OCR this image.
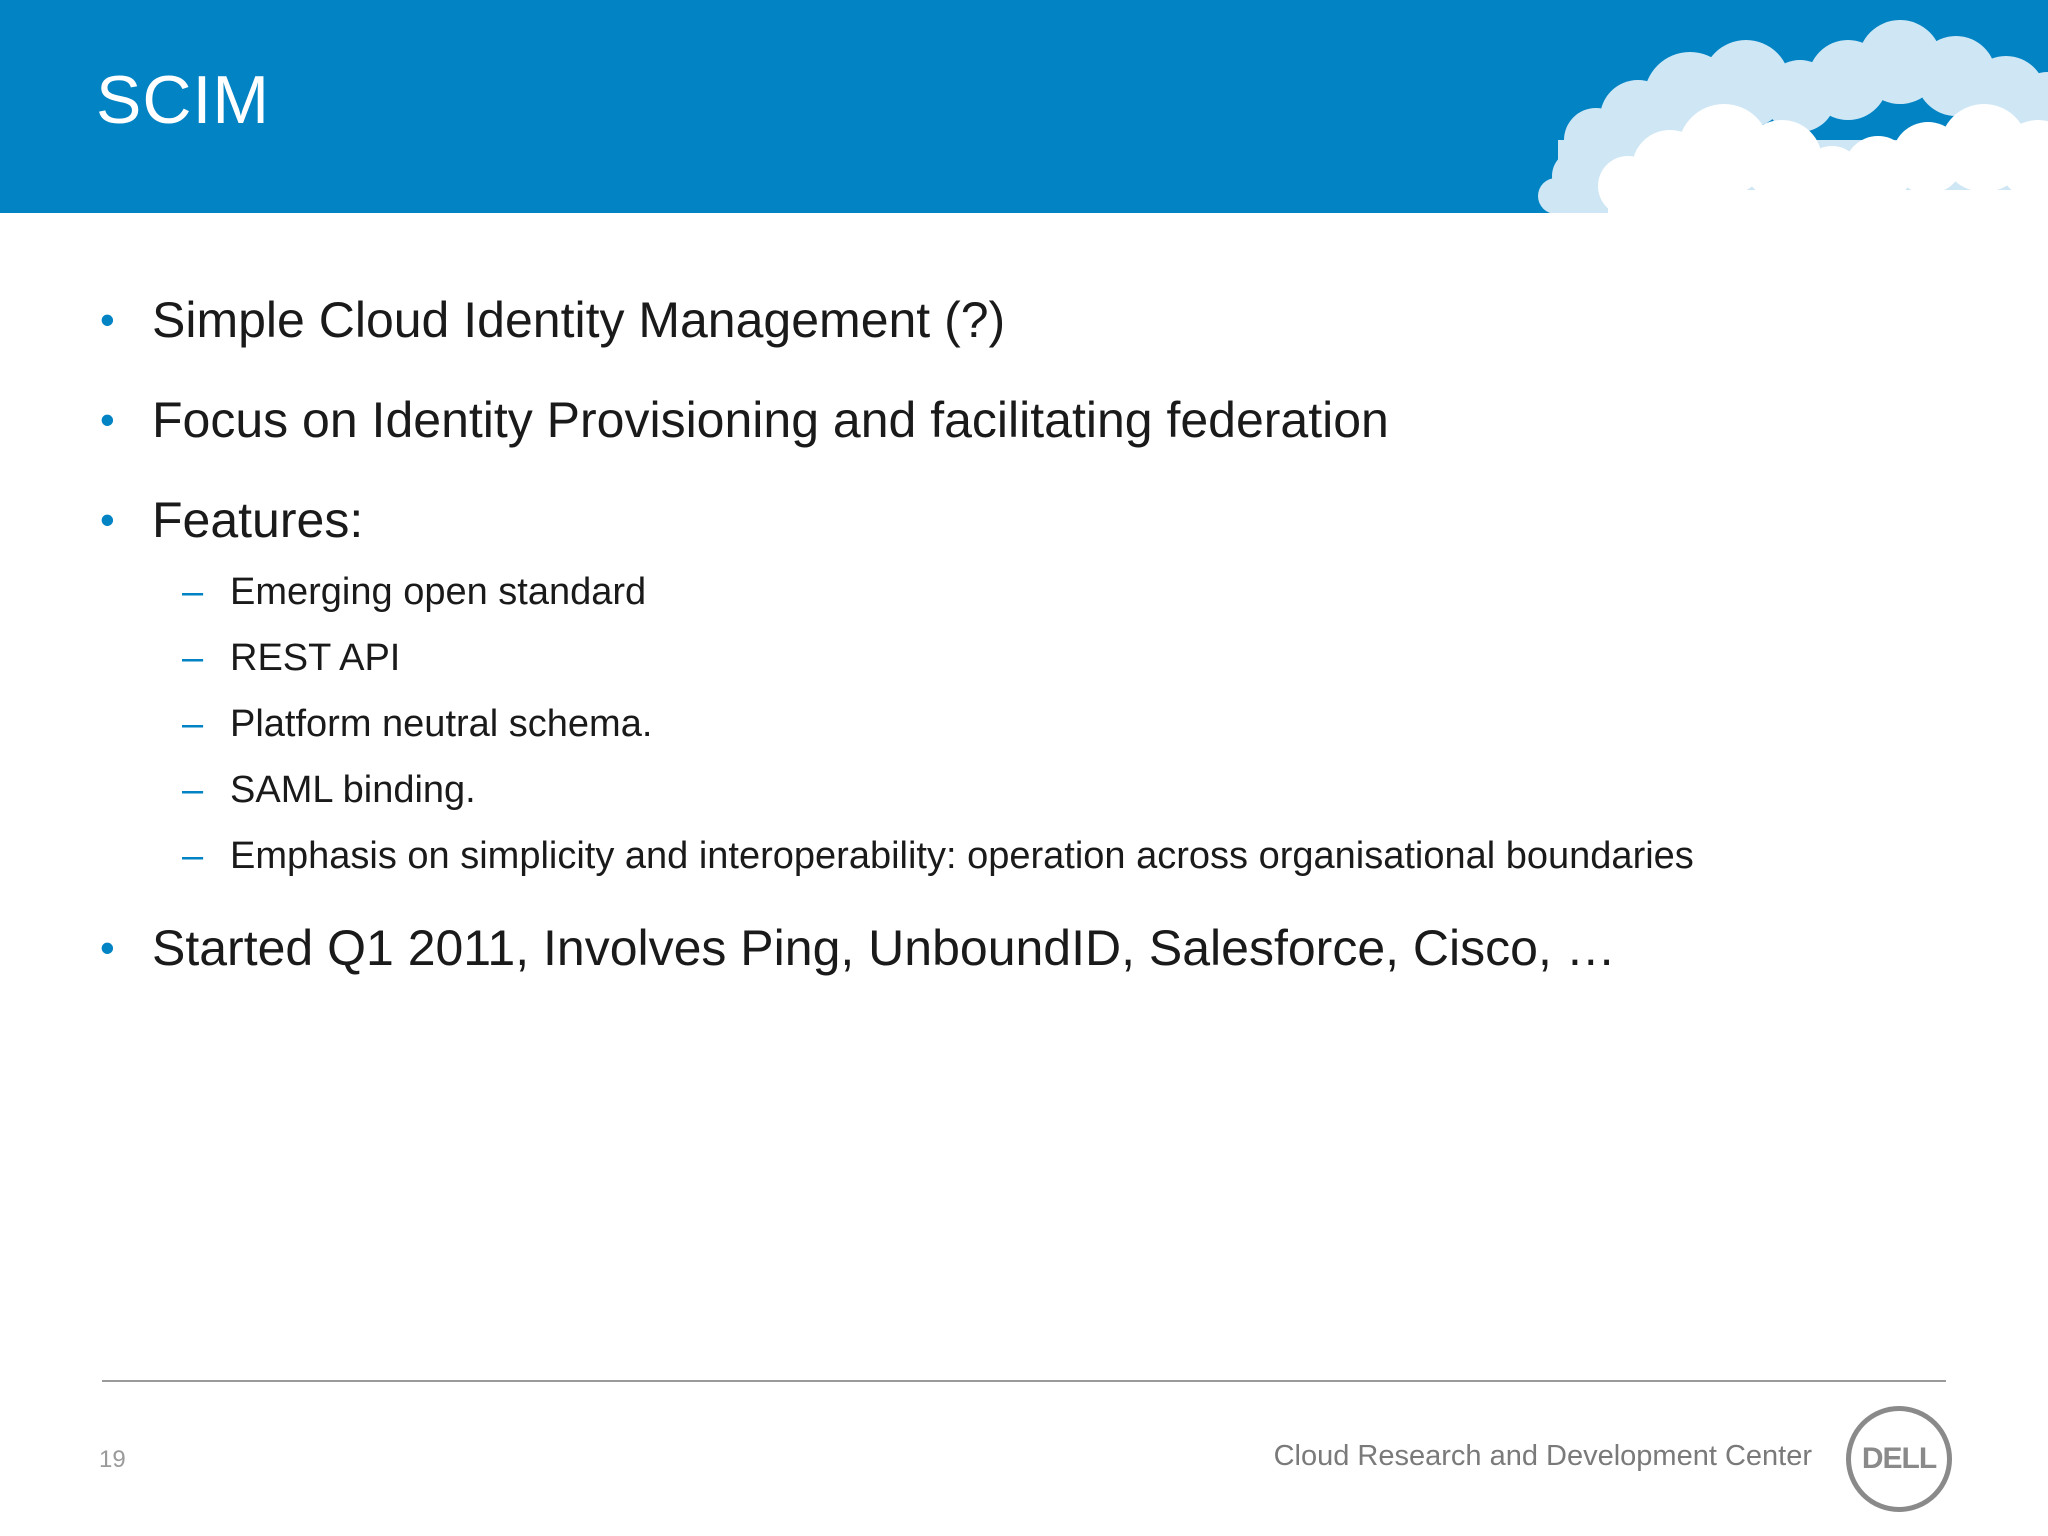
SCIM
• Simple Cloud Identity Management (?)
• Focus on Identity Provisioning and facilitating federation
• Features:
– Emerging open standard
– REST API
– Platform neutral schema.
– SAML binding.
– Emphasis on simplicity and interoperability: operation across organisational boundaries
• Started Q1 2011, Involves Ping, UnboundID, Salesforce, Cisco, …
19	Cloud Research and Development Center DELL
